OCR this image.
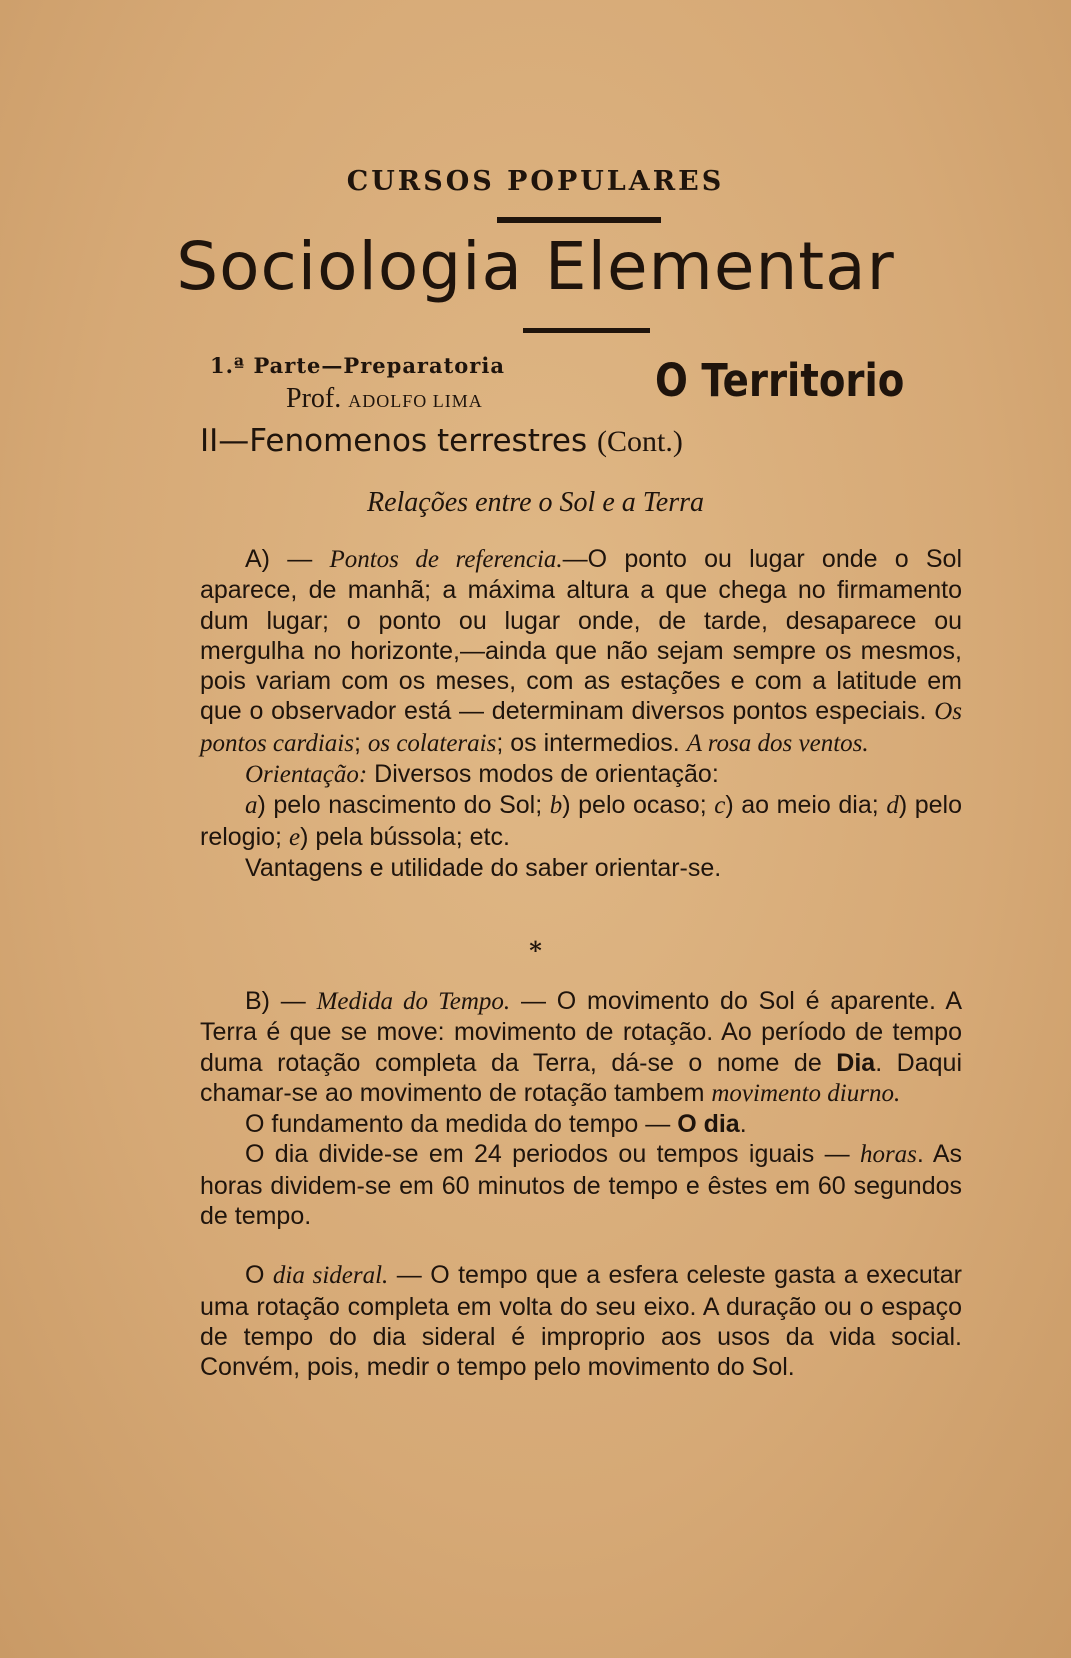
CURSOS POPULARES
Sociologia Elementar
1.ª Parte—Preparatoria
Prof. ADOLFO LIMA	O Territorio
II—Fenomenos terrestres (Cont.)
Relações entre o Sol e a Terra

A) — Pontos de referencia.—O ponto ou lugar onde o Sol aparece, de manhã; a máxima altura a que chega no firmamento dum lugar; o ponto ou lugar onde, de tarde, desaparece ou mergulha no horizonte,—ainda que não sejam sempre os mesmos, pois variam com os meses, com as estações e com a latitude em que o observador está — determinam diversos pontos especiais. Os pontos cardiais; os colaterais; os intermedios. A rosa dos ventos.

Orientação: Diversos modos de orientação:

a) pelo nascimento do Sol; b) pelo ocaso; c) ao meio dia; d) pelo relogio; e) pela bússola; etc.

Vantagens e utilidade do saber orientar-se.

*

B) — Medida do Tempo. — O movimento do Sol é aparente. A Terra é que se move: movimento de rotação. Ao período de tempo duma rotação completa da Terra, dá-se o nome de Dia. Daqui chamar-se ao movimento de rotação tambem movimento diurno.

O fundamento da medida do tempo — O dia.

O dia divide-se em 24 periodos ou tempos iguais — horas. As horas dividem-se em 60 minutos de tempo e êstes em 60 segundos de tempo.

O dia sideral. — O tempo que a esfera celeste gasta a executar uma rotação completa em volta do seu eixo. A duração ou o espaço de tempo do dia sideral é improprio aos usos da vida social. Convém, pois, medir o tempo pelo movimento do Sol.
